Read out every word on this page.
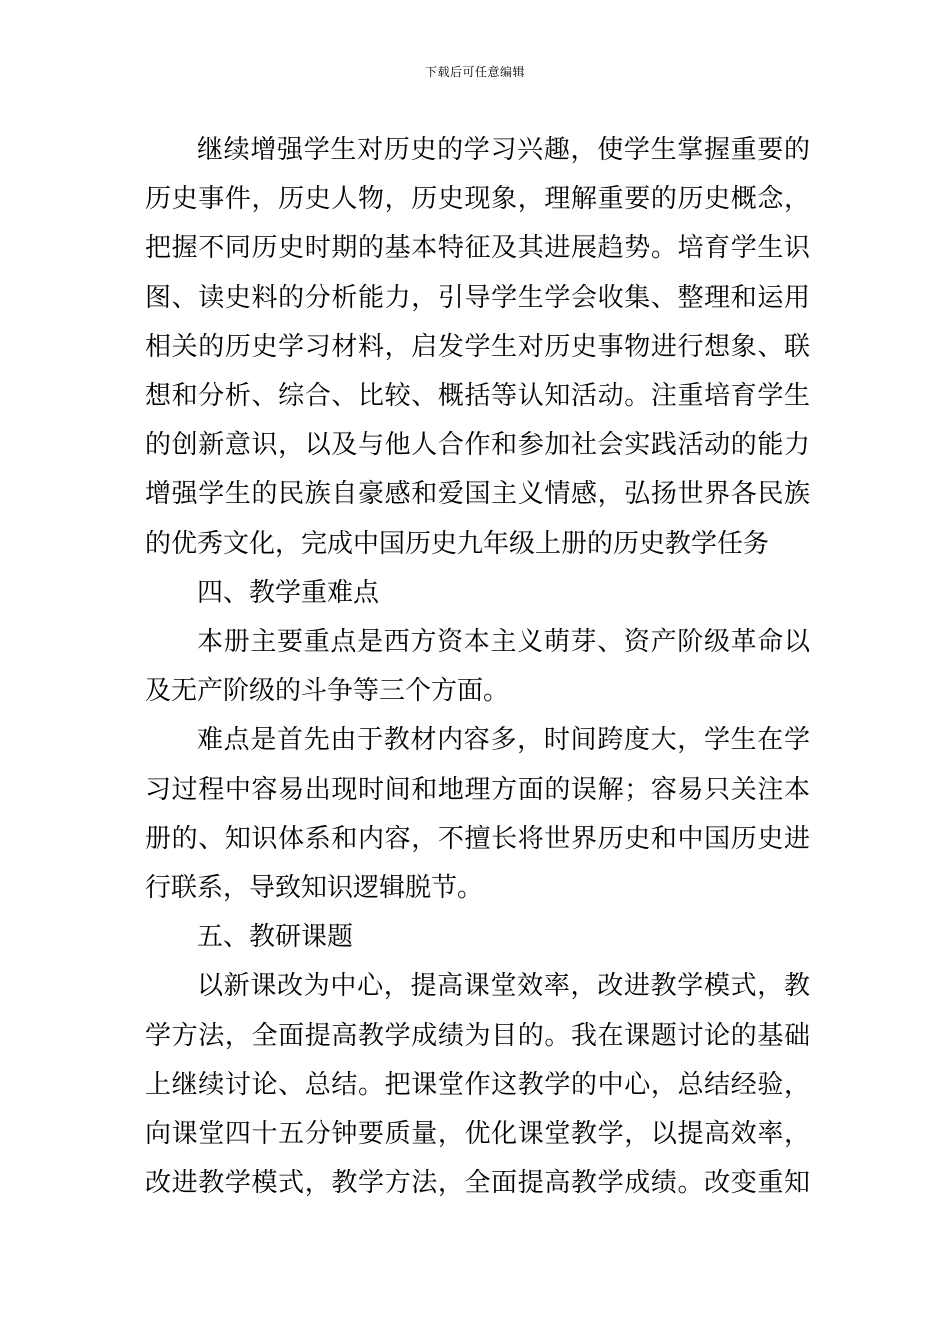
下载后可任意编辑

继续增强学生对历史的学习兴趣，使学生掌握重要的历史事件，历史人物，历史现象，理解重要的历史概念，把握不同历史时期的基本特征及其进展趋势。培育学生识图、读史料的分析能力，引导学生学会收集、整理和运用相关的历史学习材料，启发学生对历史事物进行想象、联想和分析、综合、比较、概括等认知活动。注重培育学生的创新意识，以及与他人合作和参加社会实践活动的能力增强学生的民族自豪感和爱国主义情感，弘扬世界各民族的优秀文化，完成中国历史九年级上册的历史教学任务

四、教学重难点

本册主要重点是西方资本主义萌芽、资产阶级革命以及无产阶级的斗争等三个方面。

难点是首先由于教材内容多，时间跨度大，学生在学习过程中容易出现时间和地理方面的误解；容易只关注本册的、知识体系和内容，不擅长将世界历史和中国历史进行联系，导致知识逻辑脱节。

五、教研课题

以新课改为中心，提高课堂效率，改进教学模式，教学方法，全面提高教学成绩为目的。我在课题讨论的基础上继续讨论、总结。把课堂作这教学的中心，总结经验，向课堂四十五分钟要质量，优化课堂教学，以提高效率，改进教学模式，教学方法，全面提高教学成绩。改变重知
